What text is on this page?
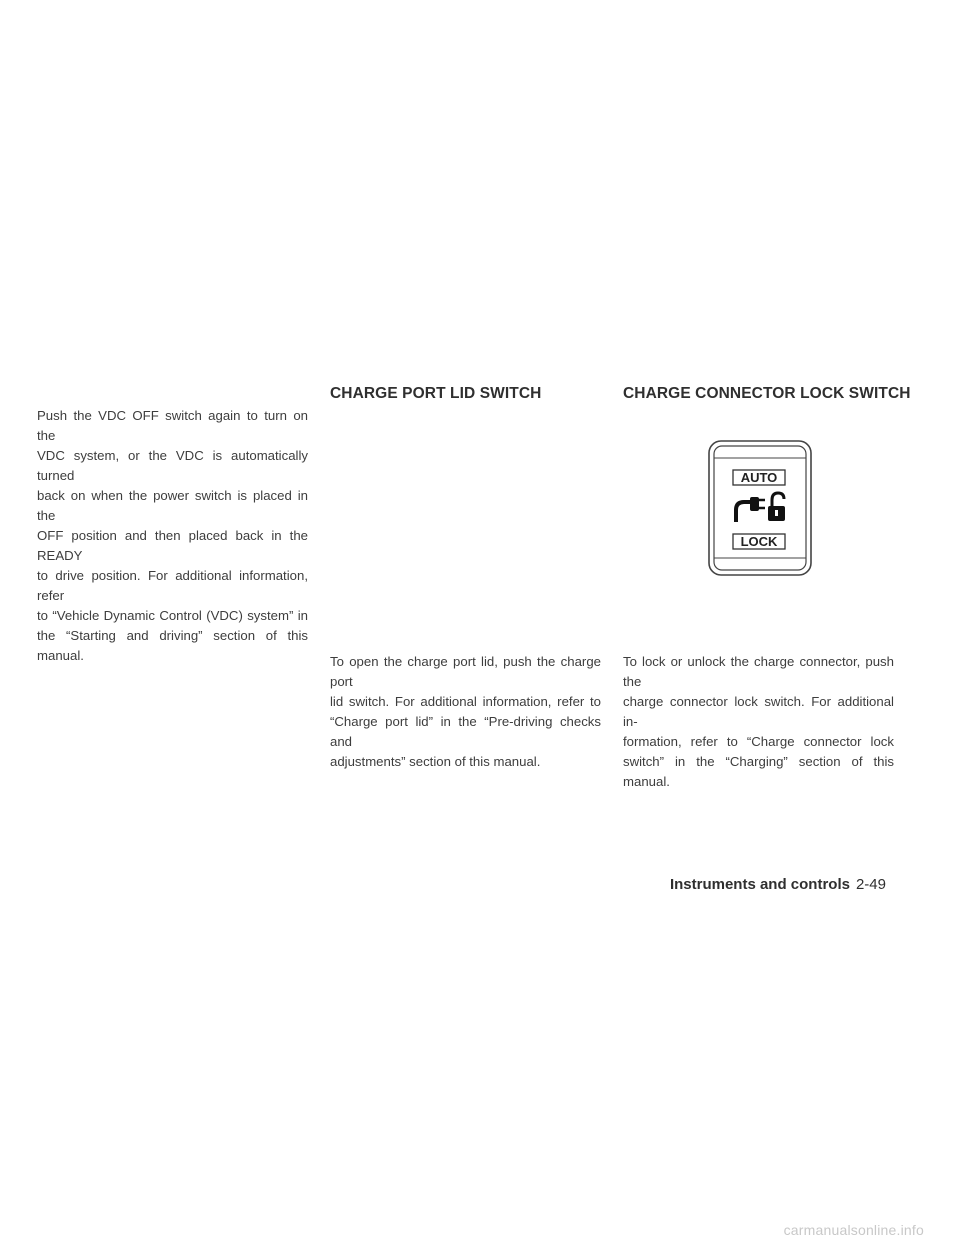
Push the VDC OFF switch again to turn on the
VDC system, or the VDC is automatically turned
back on when the power switch is placed in the
OFF position and then placed back in the READY
to drive position. For additional information, refer
to “Vehicle Dynamic Control (VDC) system” in
the “Starting and driving” section of this manual.
CHARGE PORT LID SWITCH
To open the charge port lid, push the charge port
lid switch. For additional information, refer to
“Charge port lid” in the “Pre-driving checks and
adjustments” section of this manual.
CHARGE CONNECTOR LOCK SWITCH
AUTO
LOCK
To lock or unlock the charge connector, push the
charge connector lock switch. For additional in-
formation, refer to “Charge connector lock
switch” in the “Charging” section of this manual.
Instruments and controls 2-49
carmanualsonline.info
